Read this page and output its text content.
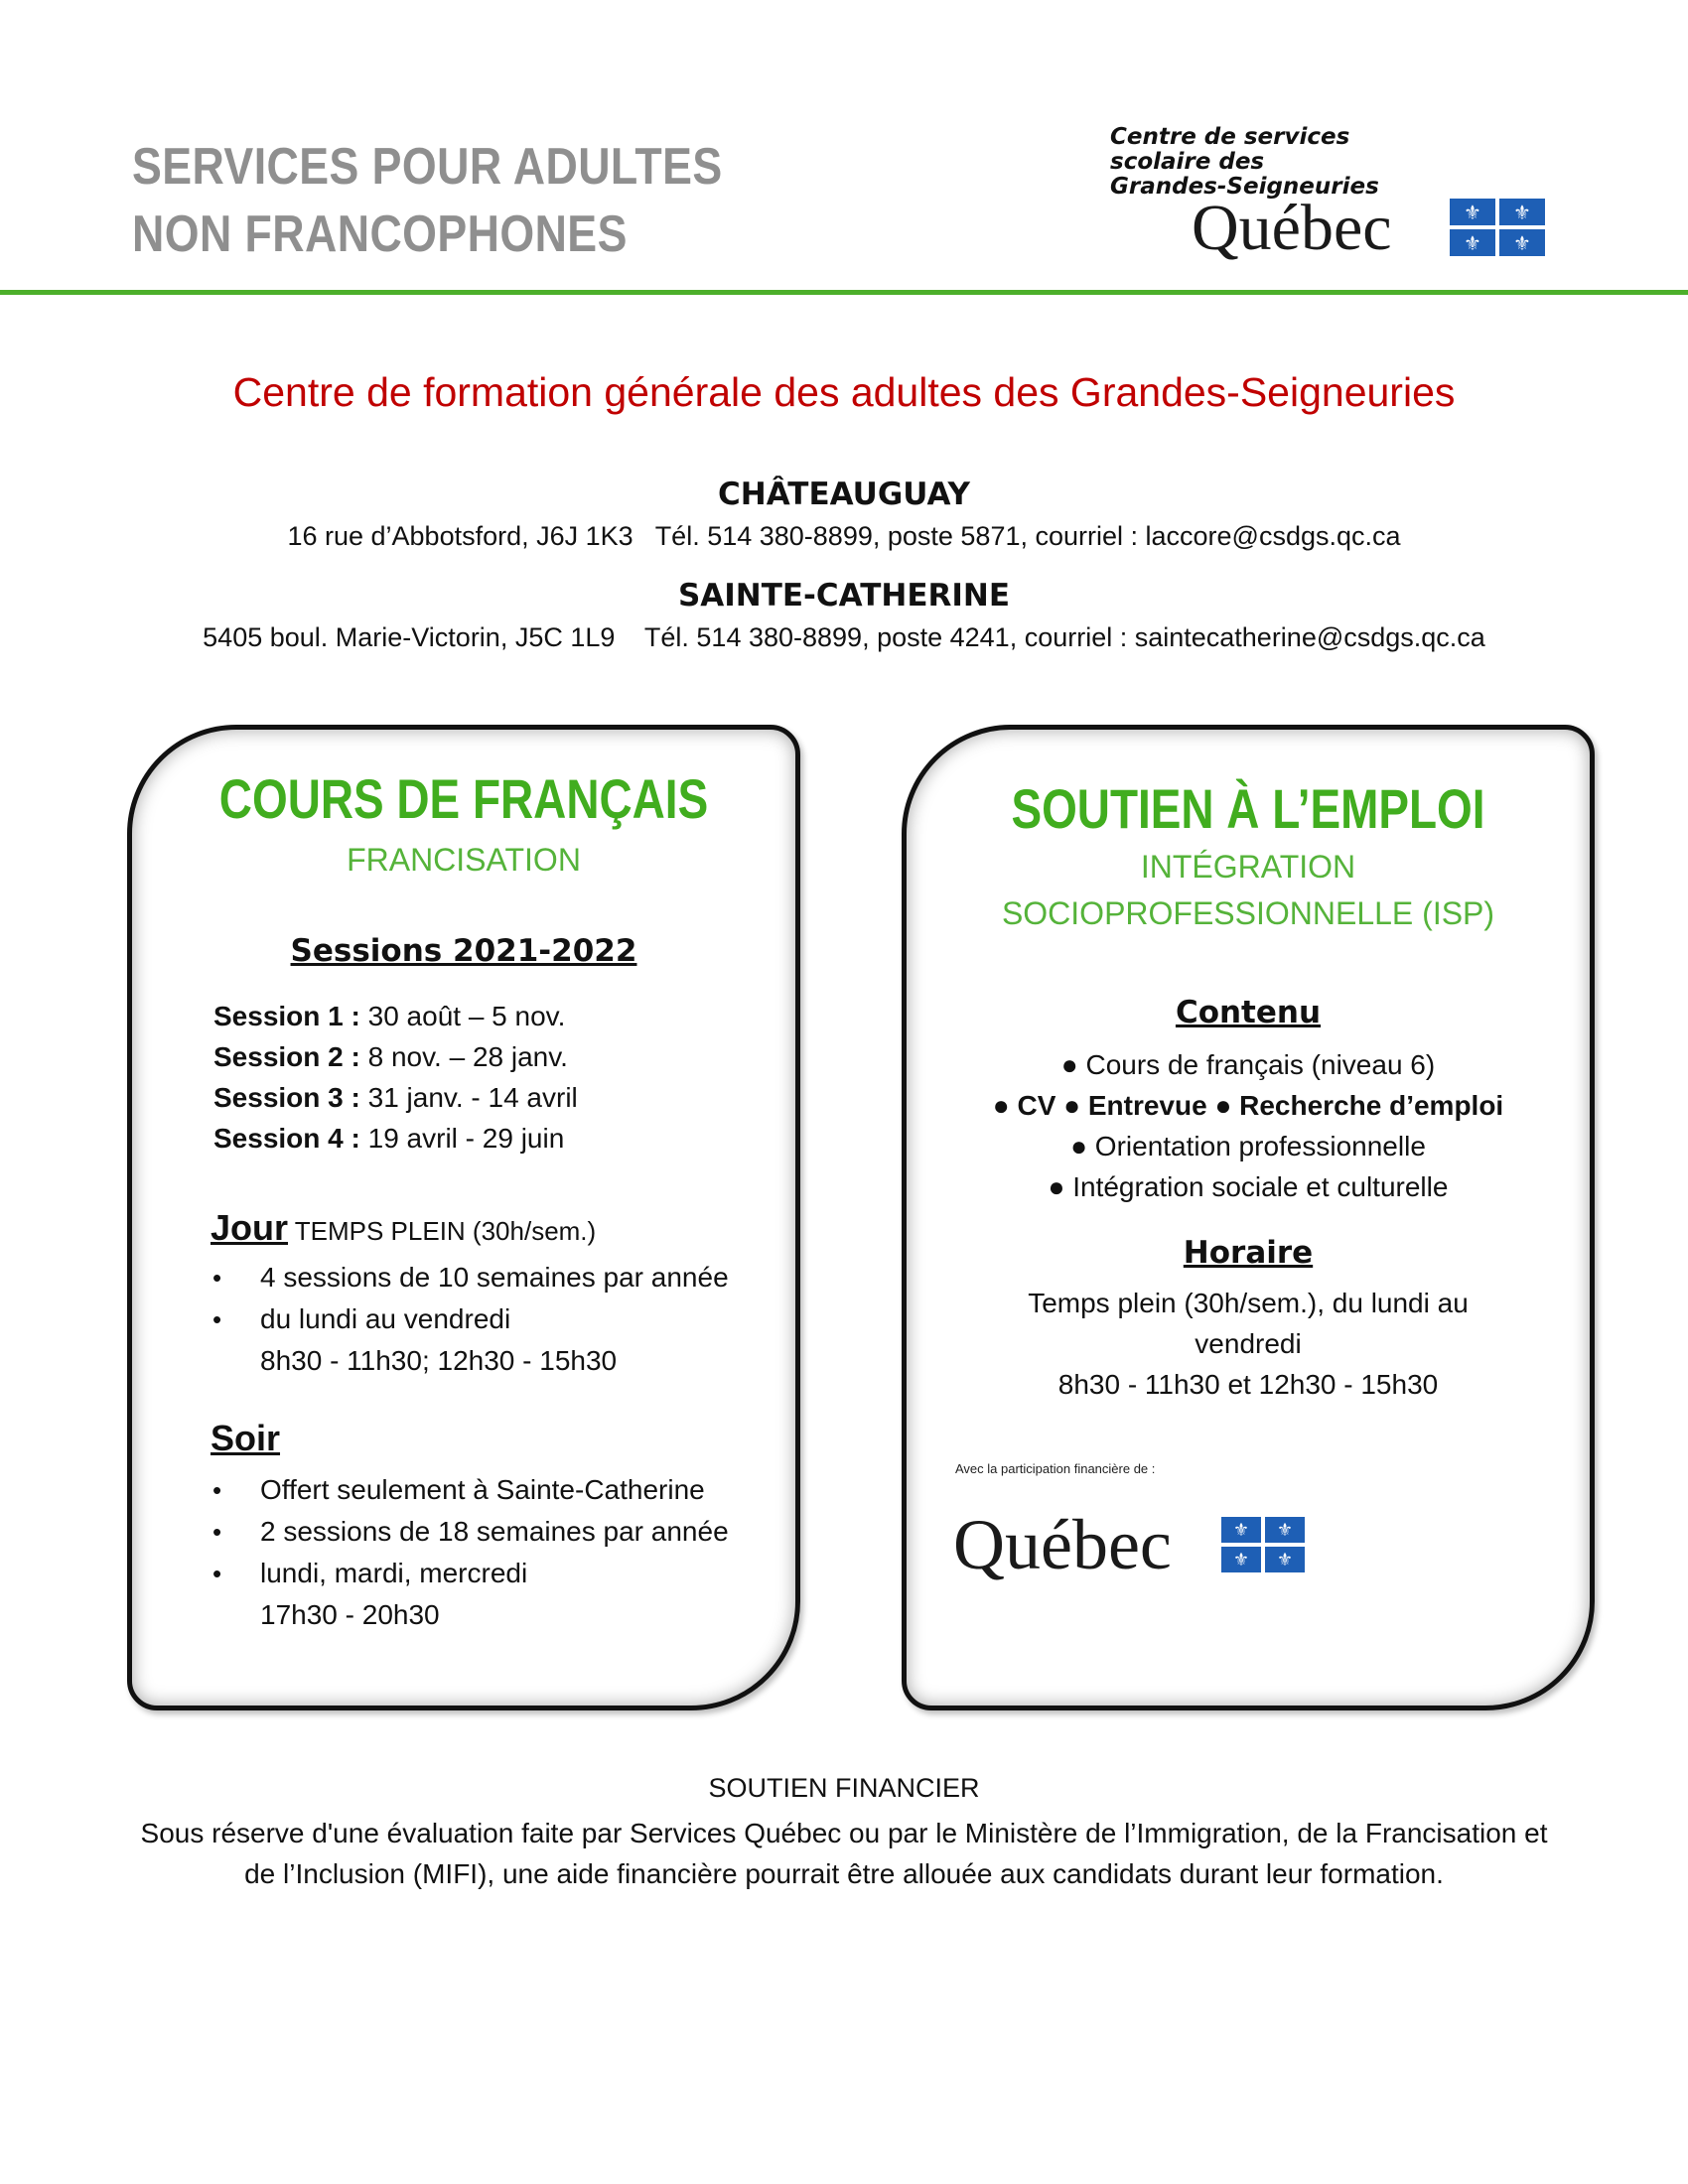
SERVICES POUR ADULTES
NON FRANCOPHONES
Centre de services
scolaire des
Grandes-Seigneuries
Québec	⚜	⚜
⚜	⚜
Centre de formation générale des adultes des Grandes-Seigneuries
CHÂTEAUGUAY
16 rue d’Abbotsford, J6J 1K3   Tél. 514 380-8899, poste 5871, courriel : laccore@csdgs.qc.ca
SAINTE-CATHERINE
5405 boul. Marie-Victorin, J5C 1L9    Tél. 514 380-8899, poste 4241, courriel : saintecatherine@csdgs.qc.ca
COURS DE FRANÇAIS
FRANCISATION
Sessions 2021-2022
Session 1 : 30 août – 5 nov.
Session 2 : 8 nov. – 28 janv.
Session 3 : 31 janv. - 14 avril
Session 4 : 19 avril - 29 juin
Jour TEMPS PLEIN (30h/sem.)
• 4 sessions de 10 semaines par année
• du lundi au vendredi
8h30 - 11h30; 12h30 - 15h30
Soir
• Offert seulement à Sainte-Catherine
• 2 sessions de 18 semaines par année
• lundi, mardi, mercredi
17h30 - 20h30
SOUTIEN À L’EMPLOI
INTÉGRATION
SOCIOPROFESSIONNELLE (ISP)
Contenu
● Cours de français (niveau 6)
● CV ● Entrevue ● Recherche d’emploi
● Orientation professionnelle
● Intégration sociale et culturelle
Horaire
Temps plein (30h/sem.), du lundi au
vendredi
8h30 - 11h30 et 12h30 - 15h30
Avec la participation financière de :
Québec	⚜	⚜
⚜	⚜
SOUTIEN FINANCIER
Sous réserve d'une évaluation faite par Services Québec ou par le Ministère de l’Immigration, de la Francisation et de l’Inclusion (MIFI), une aide financière pourrait être allouée aux candidats durant leur formation.
